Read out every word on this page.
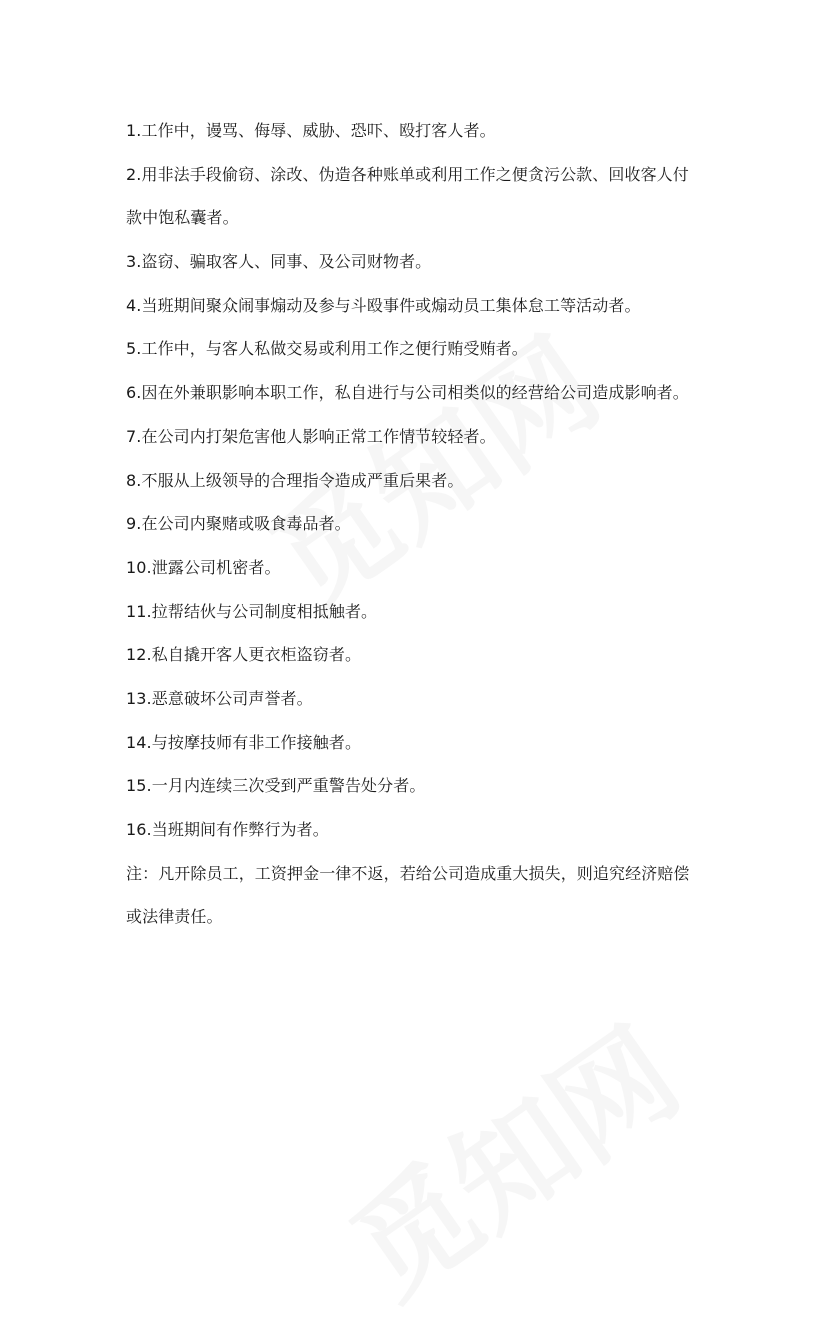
1.工作中，谩骂、侮辱、威胁、恐吓、殴打客人者。
2.用非法手段偷窃、涂改、伪造各种账单或利用工作之便贪污公款、回收客人付
款中饱私囊者。
3.盗窃、骗取客人、同事、及公司财物者。
4.当班期间聚众闹事煽动及参与斗殴事件或煽动员工集体怠工等活动者。
5.工作中，与客人私做交易或利用工作之便行贿受贿者。
6.因在外兼职影响本职工作，私自进行与公司相类似的经营给公司造成影响者。
7.在公司内打架危害他人影响正常工作情节较轻者。
8.不服从上级领导的合理指令造成严重后果者。
9.在公司内聚赌或吸食毒品者。
10.泄露公司机密者。
11.拉帮结伙与公司制度相抵触者。
12.私自撬开客人更衣柜盗窃者。
13.恶意破坏公司声誉者。
14.与按摩技师有非工作接触者。
15.一月内连续三次受到严重警告处分者。
16.当班期间有作弊行为者。
注：凡开除员工，工资押金一律不返，若给公司造成重大损失，则追究经济赔偿
或法律责任。
